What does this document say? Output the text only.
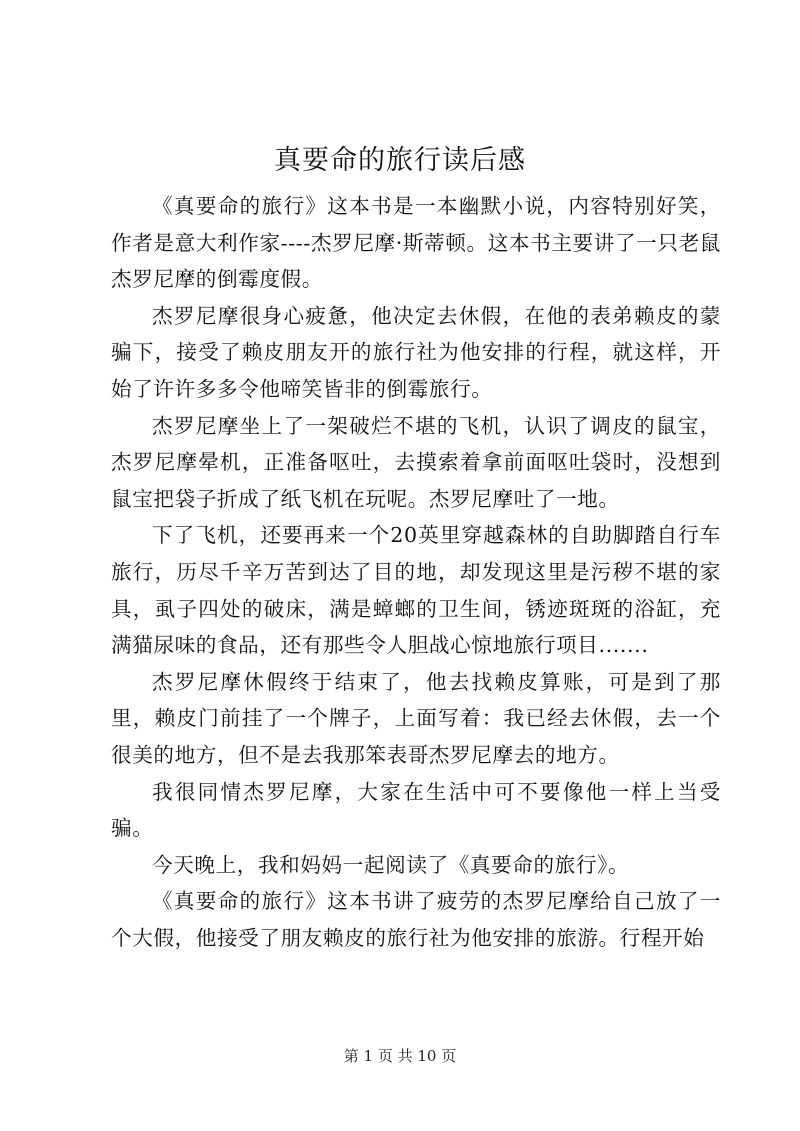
真要命的旅行读后感

《真要命的旅行》这本书是一本幽默小说，内容特别好笑，作者是意大利作家----杰罗尼摩·斯蒂顿。这本书主要讲了一只老鼠杰罗尼摩的倒霉度假。

杰罗尼摩很身心疲惫，他决定去休假，在他的表弟赖皮的蒙骗下，接受了赖皮朋友开的旅行社为他安排的行程，就这样，开始了许许多多令他啼笑皆非的倒霉旅行。

杰罗尼摩坐上了一架破烂不堪的飞机，认识了调皮的鼠宝，杰罗尼摩晕机，正准备呕吐，去摸索着拿前面呕吐袋时，没想到鼠宝把袋子折成了纸飞机在玩呢。杰罗尼摩吐了一地。

下了飞机，还要再来一个20英里穿越森林的自助脚踏自行车旅行，历尽千辛万苦到达了目的地，却发现这里是污秽不堪的家具，虱子四处的破床，满是蟑螂的卫生间，锈迹斑斑的浴缸，充满猫尿味的食品，还有那些令人胆战心惊地旅行项目.......

杰罗尼摩休假终于结束了，他去找赖皮算账，可是到了那里，赖皮门前挂了一个牌子，上面写着：我已经去休假，去一个很美的地方，但不是去我那笨表哥杰罗尼摩去的地方。

我很同情杰罗尼摩，大家在生活中可不要像他一样上当受骗。

今天晚上，我和妈妈一起阅读了《真要命的旅行》。

《真要命的旅行》这本书讲了疲劳的杰罗尼摩给自己放了一个大假，他接受了朋友赖皮的旅行社为他安排的旅游。行程开始

第 1 页 共 10 页
